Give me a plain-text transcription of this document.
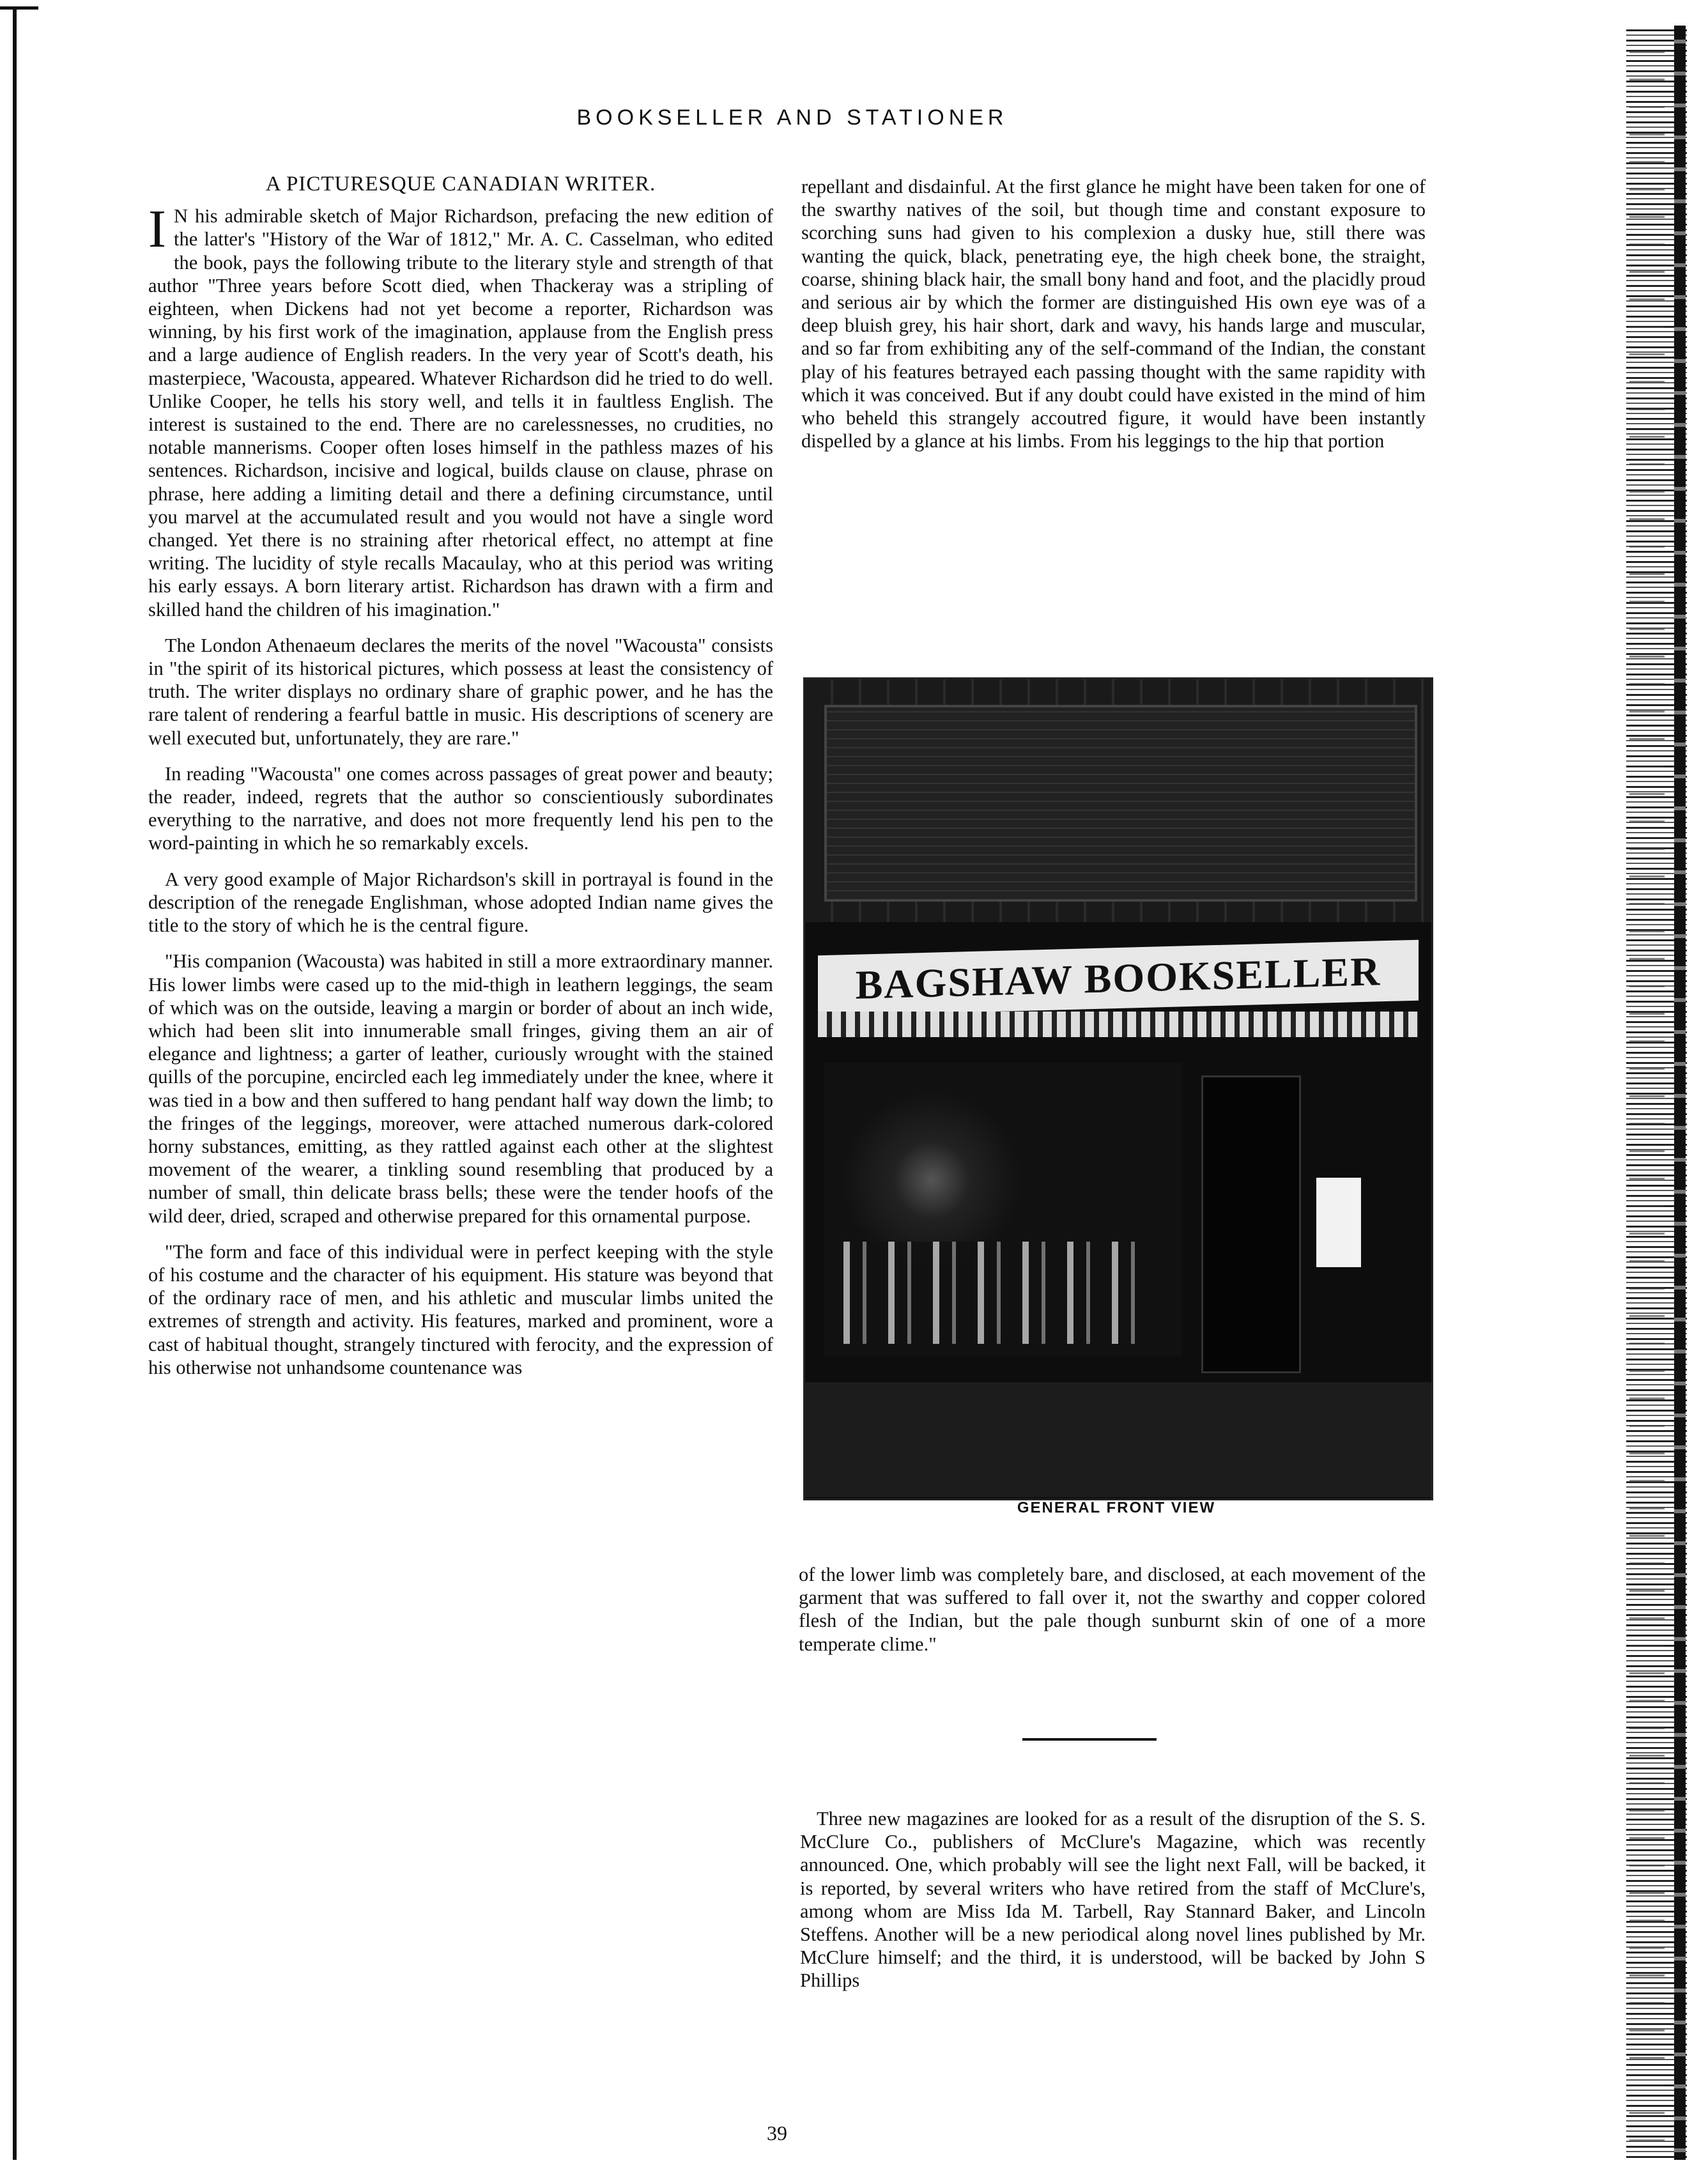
BOOKSELLER AND STATIONER
A PICTURESQUE CANADIAN WRITER.

I N his admirable sketch of Major Richardson, prefacing the new edition of the latter's "History of the War of 1812," Mr. A. C. Casselman, who edited the book, pays the following tribute to the literary style and strength of that author "Three years before Scott died, when Thackeray was a stripling of eighteen, when Dickens had not yet become a reporter, Richardson was winning, by his first work of the imagination, applause from the English press and a large audience of English readers. In the very year of Scott's death, his masterpiece, 'Wacousta, appeared. Whatever Richardson did he tried to do well. Unlike Cooper, he tells his story well, and tells it in faultless English. The interest is sustained to the end. There are no carelessnesses, no crudities, no notable mannerisms. Cooper often loses himself in the pathless mazes of his sentences. Richardson, incisive and logical, builds clause on clause, phrase on phrase, here adding a limiting detail and there a defining circumstance, until you marvel at the accumulated result and you would not have a single word changed. Yet there is no straining after rhetorical effect, no attempt at fine writing. The lucidity of style recalls Macaulay, who at this period was writing his early essays. A born literary artist. Richardson has drawn with a firm and skilled hand the children of his imagination."

The London Athenaeum declares the merits of the novel "Wacousta" consists in "the spirit of its historical pictures, which possess at least the consistency of truth. The writer displays no ordinary share of graphic power, and he has the rare talent of rendering a fearful battle in music. His descriptions of scenery are well executed but, unfortunately, they are rare."

In reading "Wacousta" one comes across passages of great power and beauty; the reader, indeed, regrets that the author so conscientiously subordinates everything to the narrative, and does not more frequently lend his pen to the word-painting in which he so remarkably excels.

A very good example of Major Richardson's skill in portrayal is found in the description of the renegade Englishman, whose adopted Indian name gives the title to the story of which he is the central figure.

"His companion (Wacousta) was habited in still a more extraordinary manner. His lower limbs were cased up to the mid-thigh in leathern leggings, the seam of which was on the outside, leaving a margin or border of about an inch wide, which had been slit into innumerable small fringes, giving them an air of elegance and lightness; a garter of leather, curiously wrought with the stained quills of the porcupine, encircled each leg immediately under the knee, where it was tied in a bow and then suffered to hang pendant half way down the limb; to the fringes of the leggings, moreover, were attached numerous dark-colored horny substances, emitting, as they rattled against each other at the slightest movement of the wearer, a tinkling sound resembling that produced by a number of small, thin delicate brass bells; these were the tender hoofs of the wild deer, dried, scraped and otherwise prepared for this ornamental purpose.

"The form and face of this individual were in perfect keeping with the style of his costume and the character of his equipment. His stature was beyond that of the ordinary race of men, and his athletic and muscular limbs united the extremes of strength and activity. His features, marked and prominent, wore a cast of habitual thought, strangely tinctured with ferocity, and the expression of his otherwise not unhandsome countenance was

repellant and disdainful. At the first glance he might have been taken for one of the swarthy natives of the soil, but though time and constant exposure to scorching suns had given to his complexion a dusky hue, still there was wanting the quick, black, penetrating eye, the high cheek bone, the straight, coarse, shining black hair, the small bony hand and foot, and the placidly proud and serious air by which the former are distinguished His own eye was of a deep bluish grey, his hair short, dark and wavy, his hands large and muscular, and so far from exhibiting any of the self-command of the Indian, the constant play of his features betrayed each passing thought with the same rapidity with which it was conceived. But if any doubt could have existed in the mind of him who beheld this strangely accoutred figure, it would have been instantly dispelled by a glance at his limbs. From his leggings to the hip that portion

BAGSHAW BOOKSELLER
GENERAL FRONT VIEW

of the lower limb was completely bare, and disclosed, at each movement of the garment that was suffered to fall over it, not the swarthy and copper colored flesh of the Indian, but the pale though sunburnt skin of one of a more temperate clime."

Three new magazines are looked for as a result of the disruption of the S. S. McClure Co., publishers of McClure's Magazine, which was recently announced. One, which probably will see the light next Fall, will be backed, it is reported, by several writers who have retired from the staff of McClure's, among whom are Miss Ida M. Tarbell, Ray Stannard Baker, and Lincoln Steffens. Another will be a new periodical along novel lines published by Mr. McClure himself; and the third, it is understood, will be backed by John S Phillips

39
